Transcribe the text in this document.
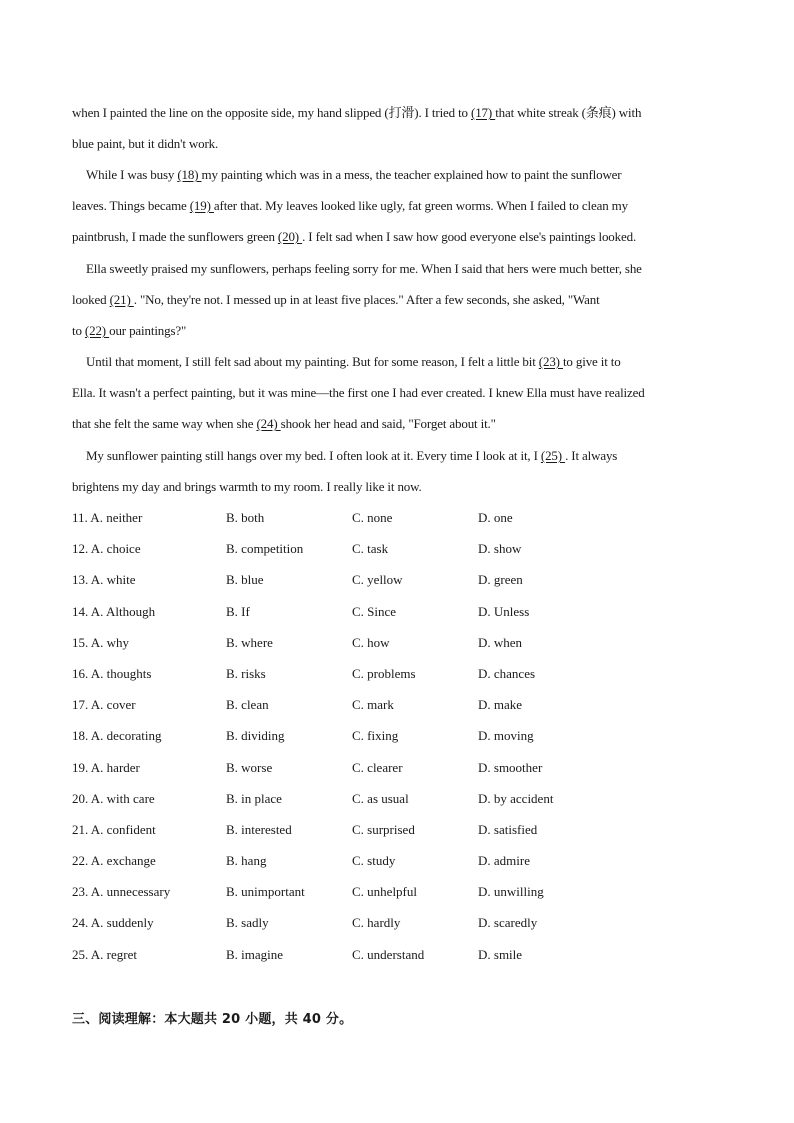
when I painted the line on the opposite side, my hand slipped (打滑). I tried to (17) that white streak (条痕) with
blue paint, but it didn't work.
While I was busy (18) my painting which was in a mess, the teacher explained how to paint the sunflower
leaves. Things became (19) after that. My leaves looked like ugly, fat green worms. When I failed to clean my
paintbrush, I made the sunflowers green (20) . I felt sad when I saw how good everyone else's paintings looked.
Ella sweetly praised my sunflowers, perhaps feeling sorry for me. When I said that hers were much better, she
looked (21) . "No, they're not. I messed up in at least five places." After a few seconds, she asked, "Want
to (22) our paintings?"
Until that moment, I still felt sad about my painting. But for some reason, I felt a little bit (23) to give it to
Ella. It wasn't a perfect painting, but it was mine—the first one I had ever created. I knew Ella must have realized
that she felt the same way when she (24) shook her head and said, "Forget about it."
My sunflower painting still hangs over my bed. I often look at it. Every time I look at it, I (25) . It always
brightens my day and brings warmth to my room. I really like it now.
11. A. neither	B. both	C. none	D. one
12. A. choice	B. competition	C. task	D. show
13. A. white	B. blue	C. yellow	D. green
14. A. Although	B. If	C. Since	D. Unless
15. A. why	B. where	C. how	D. when
16. A. thoughts	B. risks	C. problems	D. chances
17. A. cover	B. clean	C. mark	D. make
18. A. decorating	B. dividing	C. fixing	D. moving
19. A. harder	B. worse	C. clearer	D. smoother
20. A. with care	B. in place	C. as usual	D. by accident
21. A. confident	B. interested	C. surprised	D. satisfied
22. A. exchange	B. hang	C. study	D. admire
23. A. unnecessary	B. unimportant	C. unhelpful	D. unwilling
24. A. suddenly	B. sadly	C. hardly	D. scaredly
25. A. regret	B. imagine	C. understand	D. smile
三、阅读理解：本大题共 20 小题，共 40 分。
